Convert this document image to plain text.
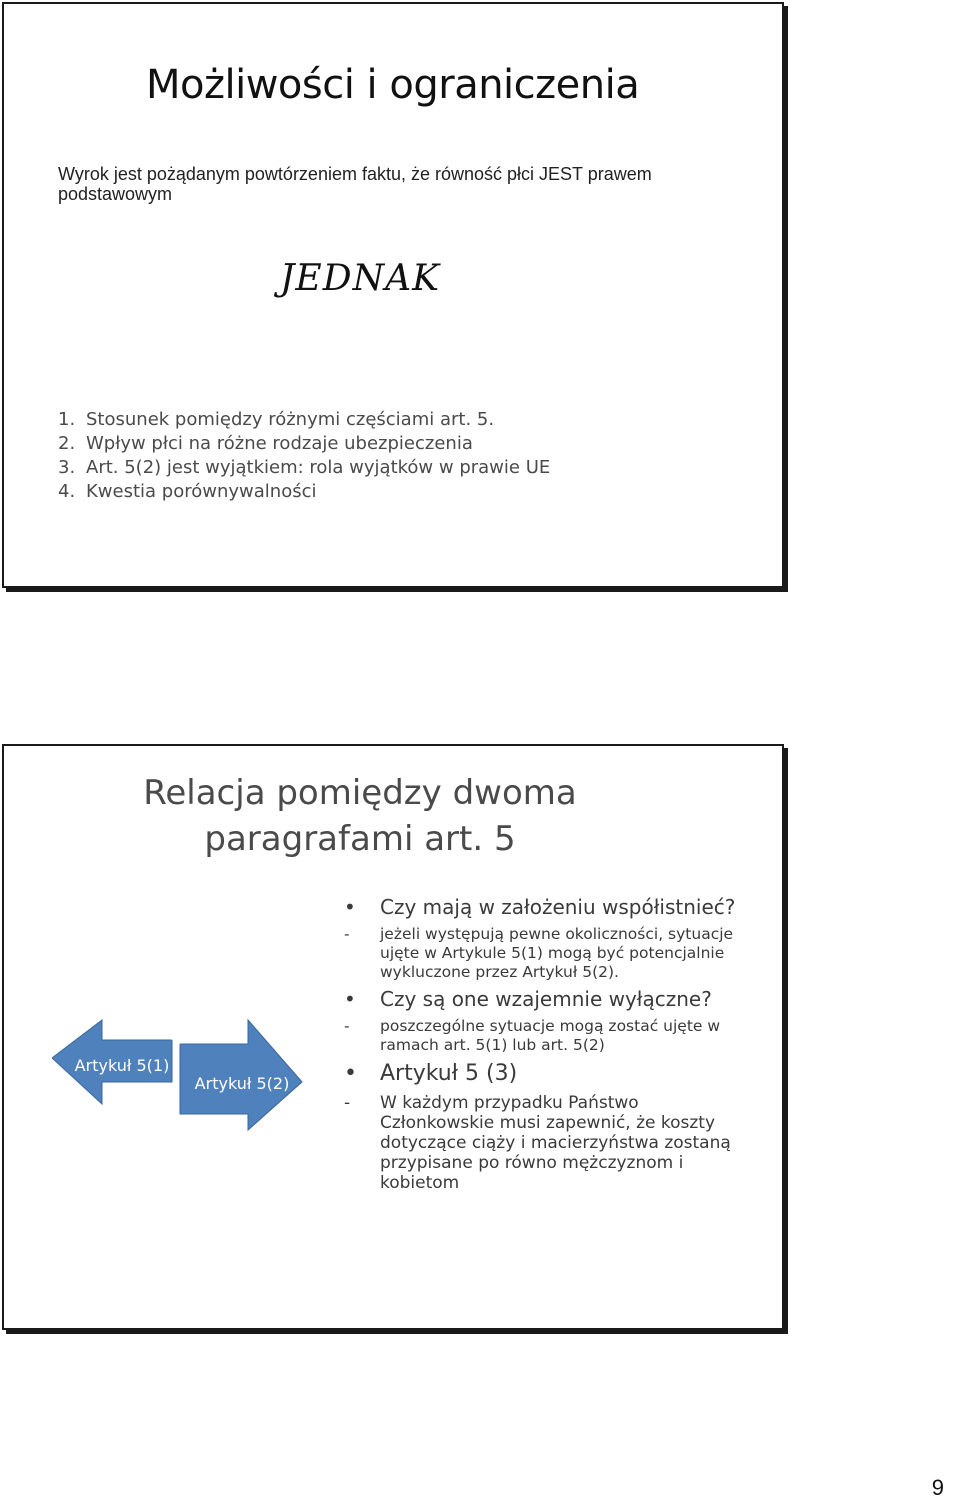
Możliwości i ograniczenia
Wyrok jest pożądanym powtórzeniem faktu, że równość płci JEST prawem podstawowym
JEDNAK
1. Stosunek pomiędzy różnymi częściami art. 5.
2. Wpływ płci na różne rodzaje ubezpieczenia
3. Art. 5(2) jest wyjątkiem: rola wyjątków w prawie UE
4. Kwestia porównywalności
Relacja pomiędzy dwoma
paragrafami art. 5
Artykuł 5(1)
Artykuł 5(2)
• Czy mają w założeniu współistnieć?
- jeżeli występują pewne okoliczności, sytuacje ujęte w Artykule 5(1) mogą być potencjalnie wykluczone przez Artykuł 5(2).
• Czy są one wzajemnie wyłączne?
- poszczególne sytuacje mogą zostać ujęte w ramach art. 5(1) lub art. 5(2)
• Artykuł 5 (3)
- W każdym przypadku Państwo Członkowskie musi zapewnić, że koszty dotyczące ciąży i macierzyństwa zostaną przypisane po równo mężczyznom i kobietom
9
